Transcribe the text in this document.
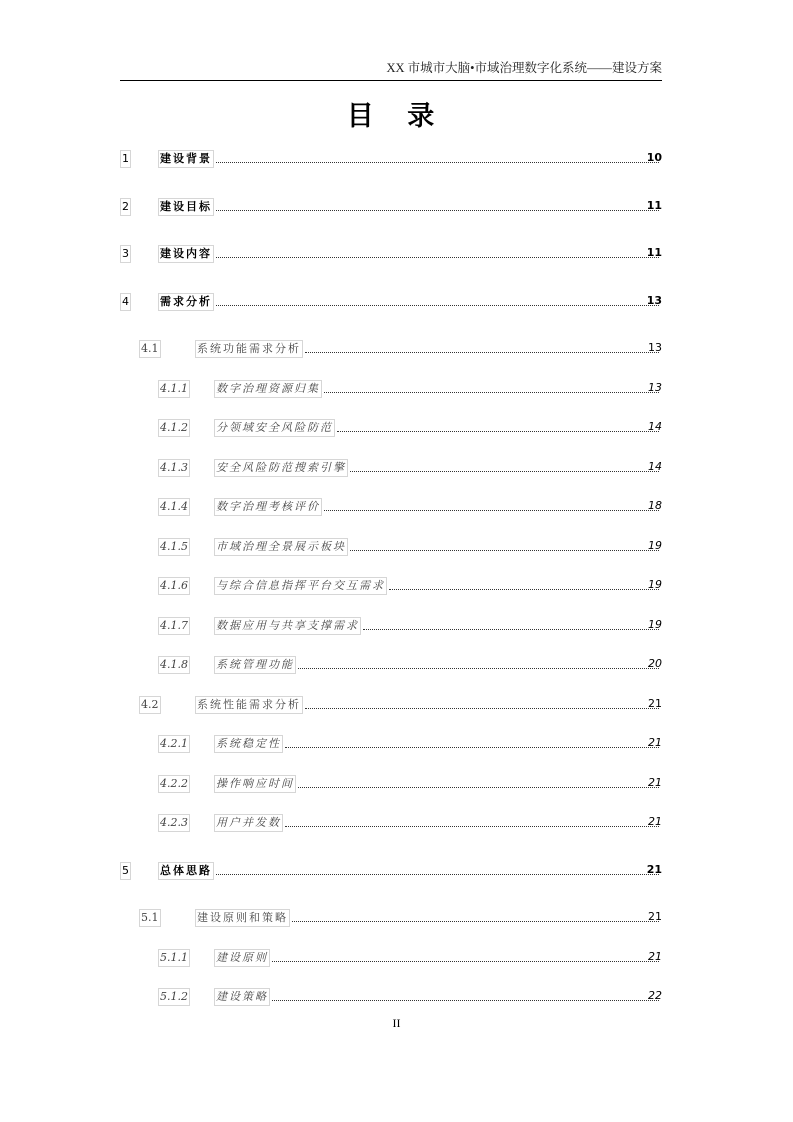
XX 市城市大脑•市域治理数字化系统——建设方案
目 录
1	建设背景	10
2	建设目标	11
3	建设内容	11
4	需求分析	13
4.1	系统功能需求分析	13
4.1.1	数字治理资源归集	13
4.1.2	分领域安全风险防范	14
4.1.3	安全风险防范搜索引擎	14
4.1.4	数字治理考核评价	18
4.1.5	市域治理全景展示板块	19
4.1.6	与综合信息指挥平台交互需求	19
4.1.7	数据应用与共享支撑需求	19
4.1.8	系统管理功能	20
4.2	系统性能需求分析	21
4.2.1	系统稳定性	21
4.2.2	操作响应时间	21
4.2.3	用户并发数	21
5	总体思路	21
5.1	建设原则和策略	21
5.1.1	建设原则	21
5.1.2	建设策略	22
II
